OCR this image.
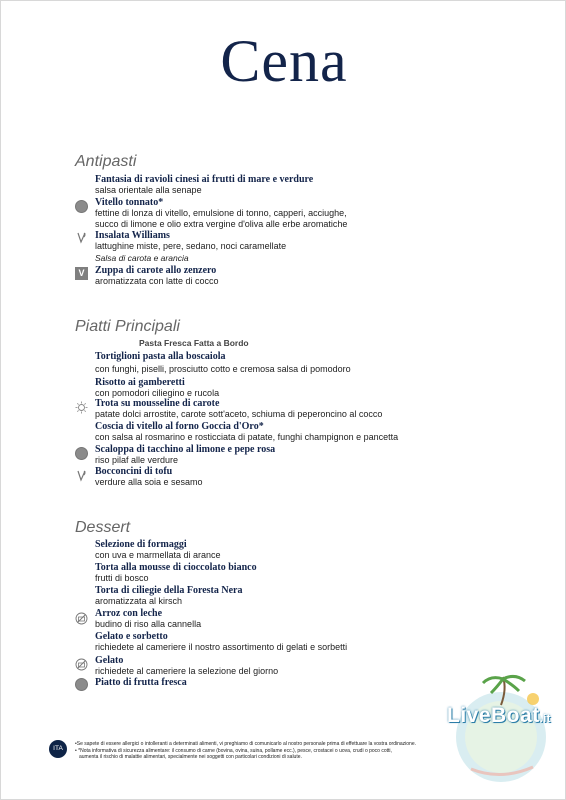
Cena
Antipasti
Fantasia di ravioli cinesi ai frutti di mare e verdure
salsa orientale alla senape
Vitello tonnato*
fettine di lonza di vitello, emulsione di tonno, capperi, acciughe,
succo di limone e olio extra vergine d'oliva alle erbe aromatiche
Insalata Williams
lattughine miste, pere, sedano, noci caramellate
Salsa di carota e arancia
V	Zuppa di carote allo zenzero
aromatizzata con latte di cocco
Piatti Principali
Pasta Fresca Fatta a Bordo
Tortiglioni pasta alla boscaiola
con funghi, piselli, prosciutto cotto e cremosa salsa di pomodoro
Risotto ai gamberetti
con pomodori ciliegino e rucola
Trota su mousseline di carote
patate dolci arrostite, carote sott'aceto, schiuma di peperoncino al cocco
Coscia di vitello al forno Goccia d'Oro*
con salsa al rosmarino e rosticciata di patate, funghi champignon e pancetta
Scaloppa di tacchino al limone e pepe rosa
riso pilaf alle verdure
Bocconcini di tofu
verdure alla soia e sesamo
Dessert
Selezione di formaggi
con uva e marmellata di arance
Torta alla mousse di cioccolato bianco
frutti di bosco
Torta di ciliegie della Foresta Nera
aromatizzata al kirsch
Arroz con leche
budino di riso alla cannella
Gelato e sorbetto
richiedete al cameriere il nostro assortimento di gelati e sorbetti
Gelato
richiedete al cameriere la selezione del giorno
Piatto di frutta fresca
LiveBoat.it
ITA
•Se sapete di essere allergici o intolleranti a determinati alimenti, vi preghiamo di comunicarlo al nostro personale prima di effettuare la vostra ordinazione.
• *Nota informativa di sicurezza alimentare: il consumo di carne (bovina, ovina, suina, pollame ecc.), pesce, crostacei o uova, crudi o poco cotti,
aumenta il rischio di malattie alimentari, specialmente nei soggetti con particolari condizioni di salute.
